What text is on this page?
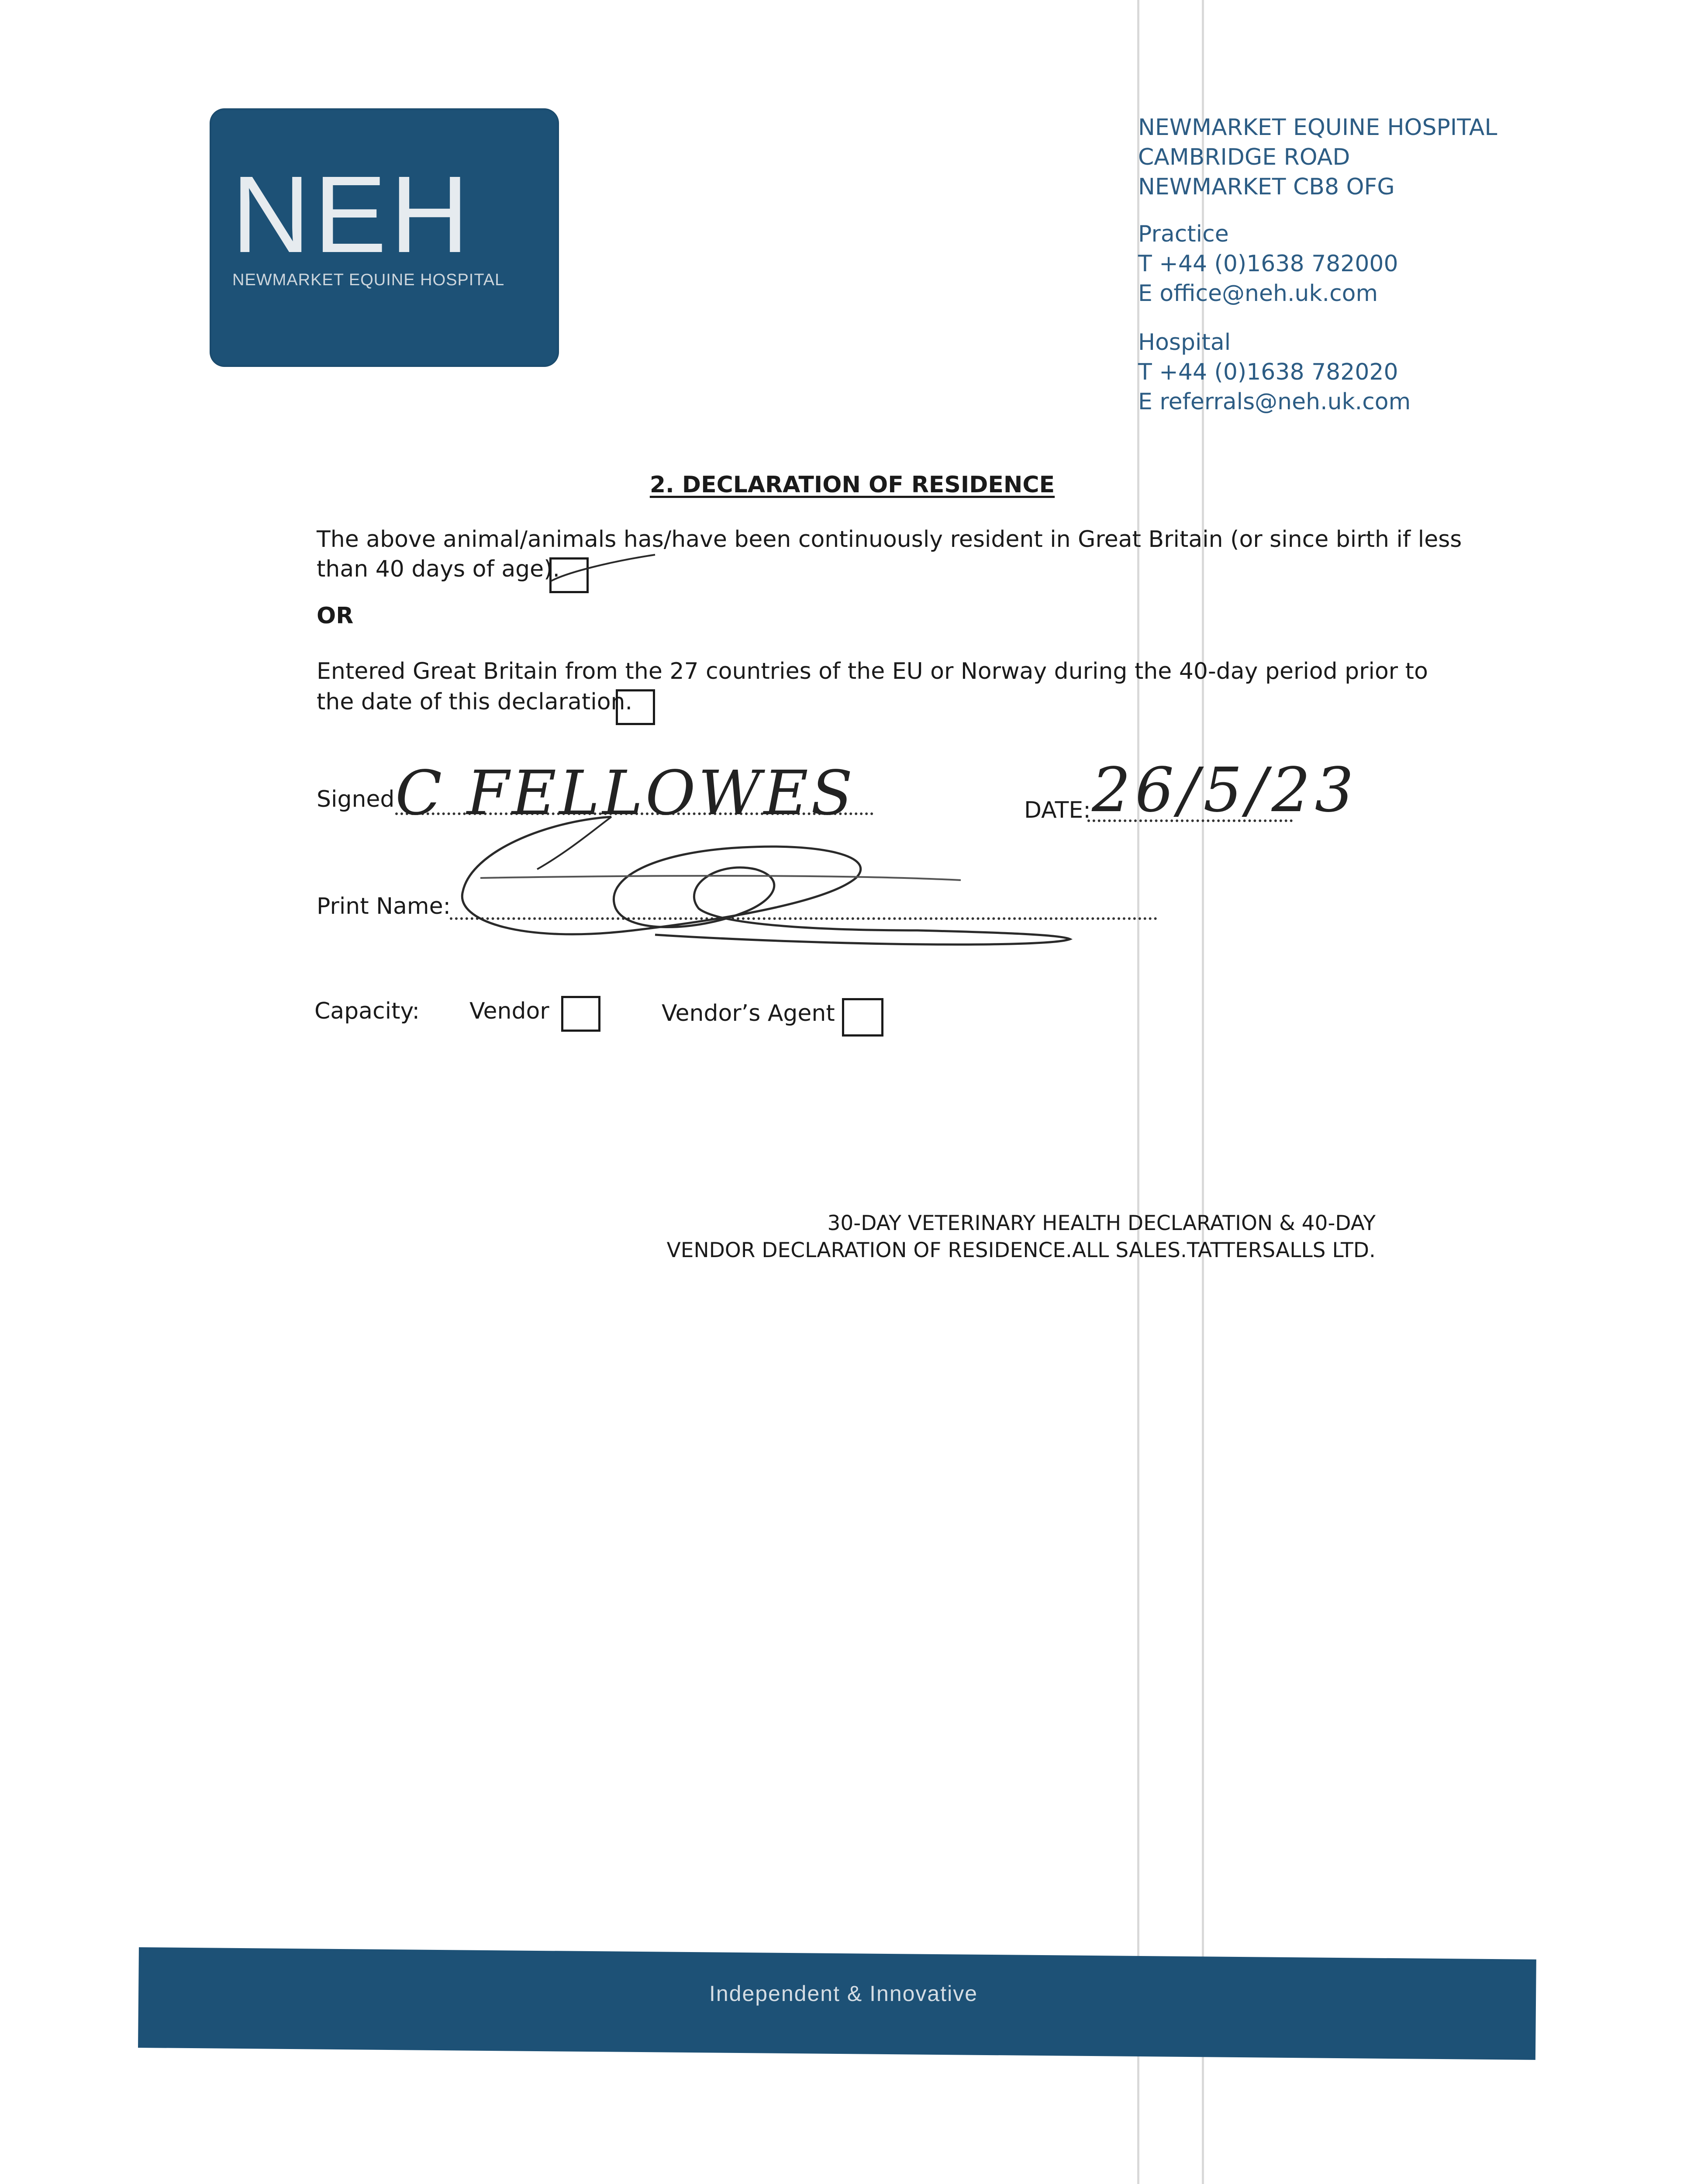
NEH
NEWMARKET EQUINE HOSPITAL
NEWMARKET EQUINE HOSPITAL
CAMBRIDGE ROAD
NEWMARKET CB8 OFG
Practice
T +44 (0)1638 782000
E office@neh.uk.com
Hospital
T +44 (0)1638 782020
E referrals@neh.uk.com
2. DECLARATION OF RESIDENCE
The above animal/animals has/have been continuously resident in Great Britain (or since birth if less
than 40 days of age).
OR
Entered Great Britain from the 27 countries of the EU or Norway during the 40-day period prior to
the date of this declaration.
Signed C FELLOWES	DATE: 26/5/23
Print Name:
Capacity: Vendor	Vendor’s Agent
30-DAY VETERINARY HEALTH DECLARATION & 40-DAY
VENDOR DECLARATION OF RESIDENCE.ALL SALES.TATTERSALLS LTD.
Independent & Innovative
